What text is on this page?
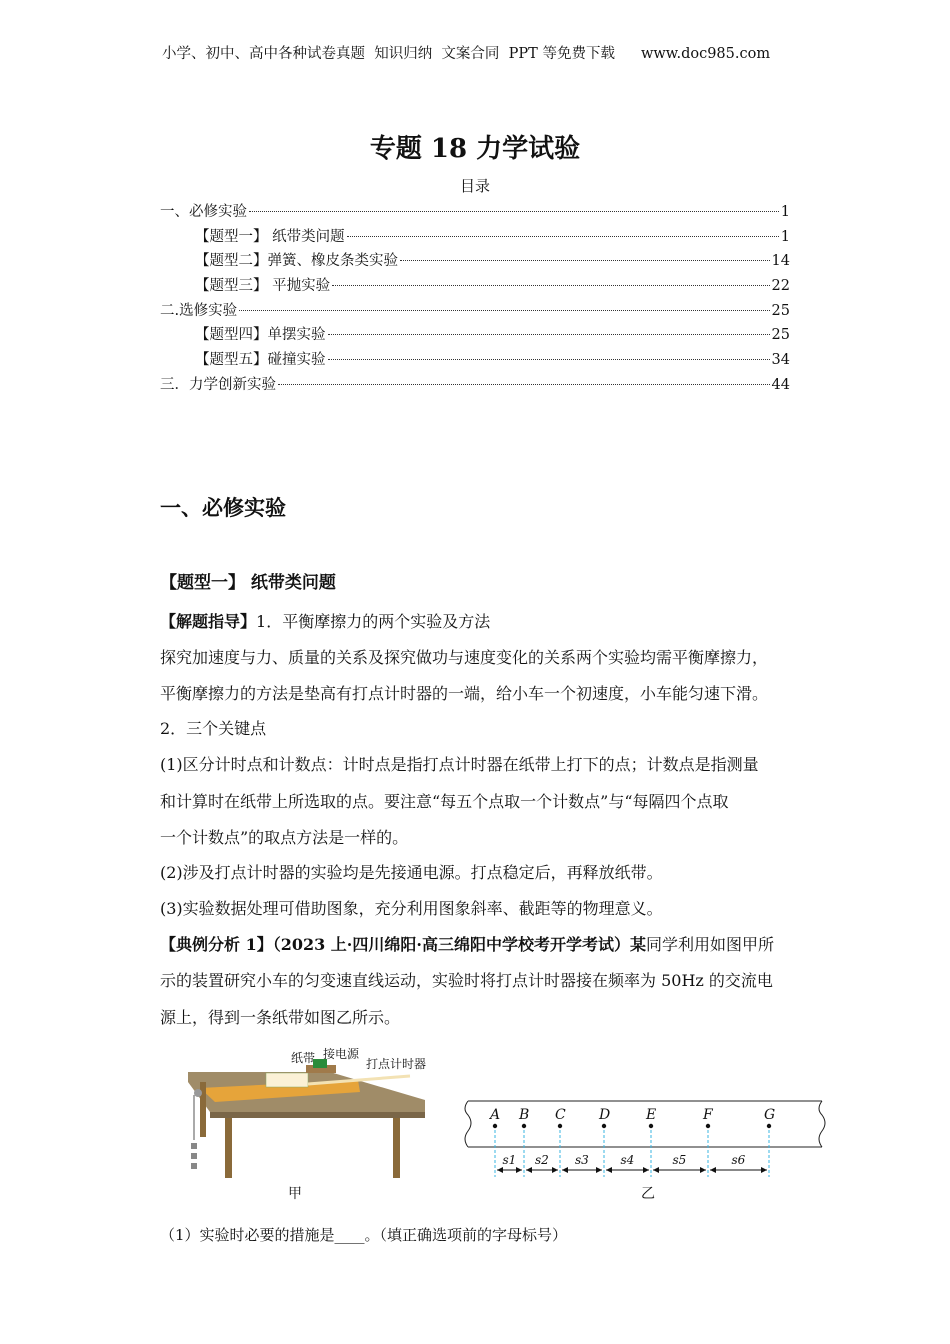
小学、初中、高中各种试卷真题  知识归纳  文案合同  PPT 等免费下载 www.doc985.com
专题 18 力学试验
目录
一、必修实验	1
【题型一】 纸带类问题	1
【题型二】弹簧、橡皮条类实验	14
【题型三】 平抛实验	22
二.选修实验	25
【题型四】单摆实验	25
【题型五】碰撞实验	34
三．力学创新实验	44
一、必修实验
【题型一】 纸带类问题
【解题指导】1．平衡摩擦力的两个实验及方法
探究加速度与力、质量的关系及探究做功与速度变化的关系两个实验均需平衡摩擦力，
平衡摩擦力的方法是垫高有打点计时器的一端，给小车一个初速度，小车能匀速下滑。
2．三个关键点
(1)区分计时点和计数点：计时点是指打点计时器在纸带上打下的点；计数点是指测量
和计算时在纸带上所选取的点。要注意“每五个点取一个计数点”与“每隔四个点取
一个计数点”的取点方法是一样的。
(2)涉及打点计时器的实验均是先接通电源。打点稳定后，再释放纸带。
(3)实验数据处理可借助图象，充分利用图象斜率、截距等的物理意义。
【典例分析 1】（2023 上·四川绵阳·高三绵阳中学校考开学考试）某同学利用如图甲所
示的装置研究小车的匀变速直线运动，实验时将打点计时器接在频率为 50Hz 的交流电
源上，得到一条纸带如图乙所示。
纸带 接电源
打点计时器
甲
A
s1
B
s2
C
s3
D
s4
E
s5
F
s6
G
乙
（1）实验时必要的措施是____。（填正确选项前的字母标号）
